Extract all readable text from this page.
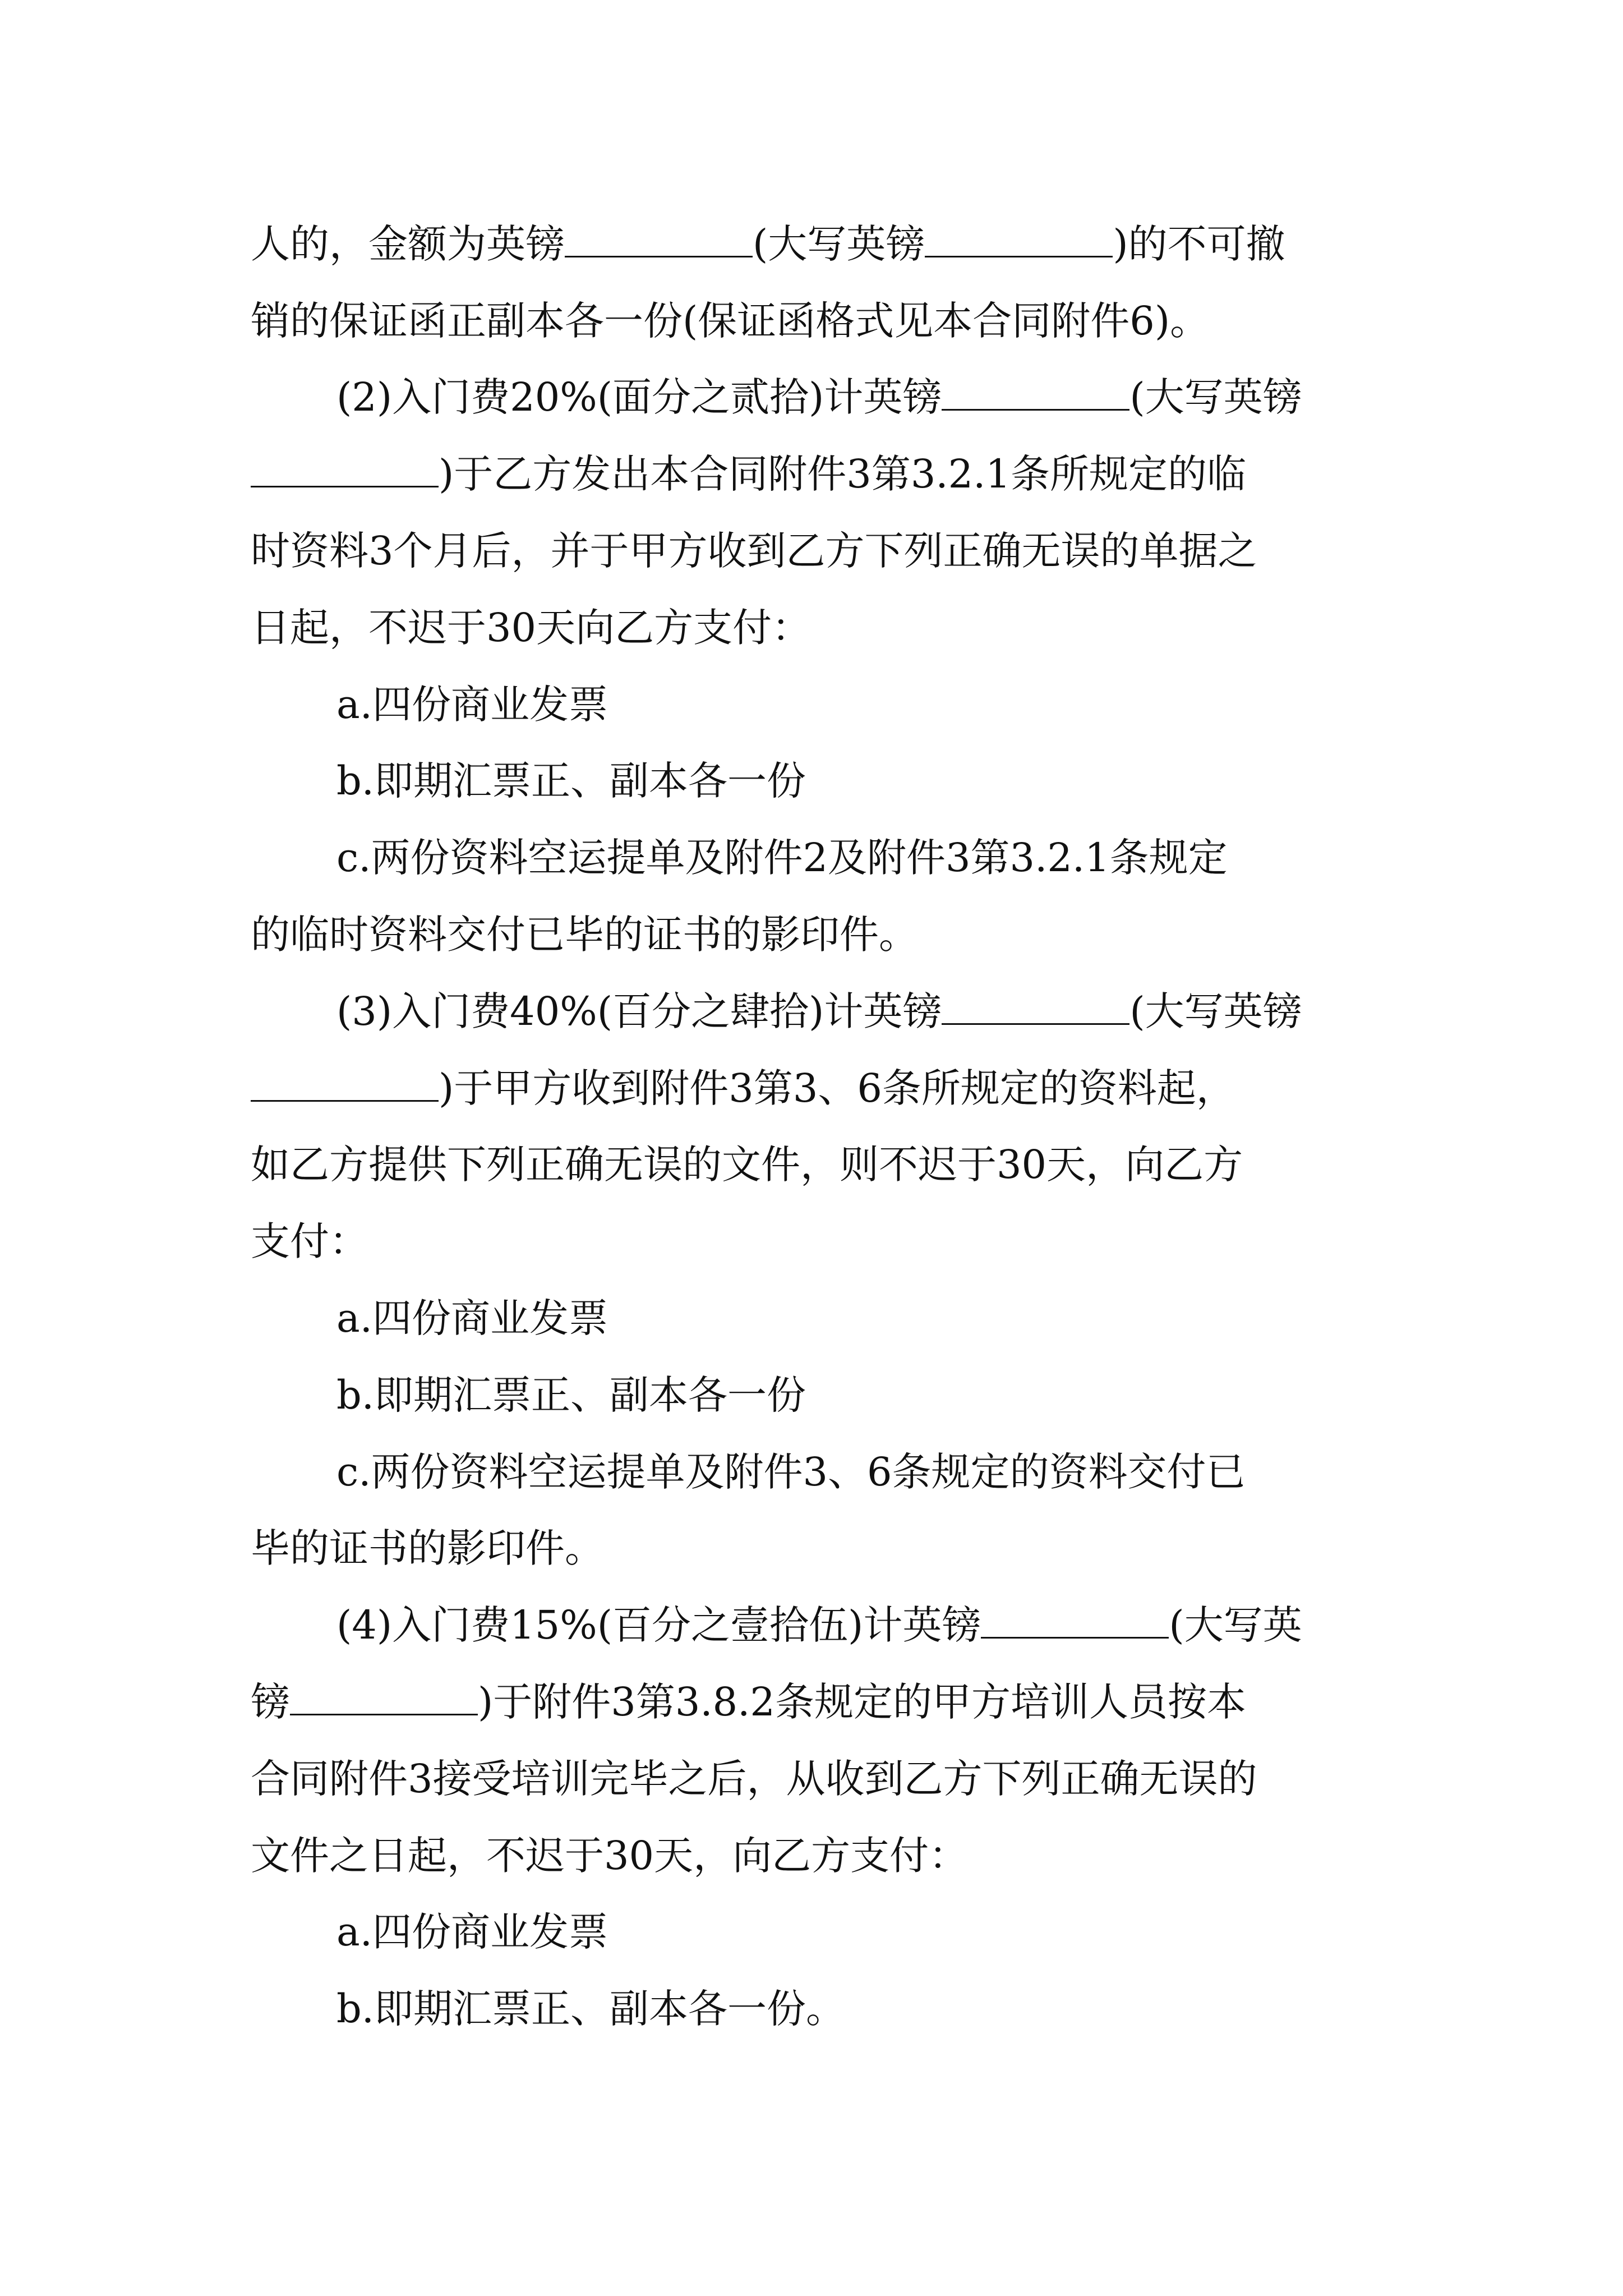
人的，金额为英镑	(大写英镑	)的不可撤
销的保证函正副本各一份(保证函格式见本合同附件6)。
(2)入门费20%(面分之贰拾)计英镑	(大写英镑
)于乙方发出本合同附件3第3.2.1条所规定的临
时资料3个月后，并于甲方收到乙方下列正确无误的单据之
日起，不迟于30天向乙方支付：
a.四份商业发票
b.即期汇票正、副本各一份
c.两份资料空运提单及附件2及附件3第3.2.1条规定
的临时资料交付已毕的证书的影印件。
(3)入门费40%(百分之肆拾)计英镑	(大写英镑
)于甲方收到附件3第3、6条所规定的资料起，
如乙方提供下列正确无误的文件，则不迟于30天，向乙方
支付：
a.四份商业发票
b.即期汇票正、副本各一份
c.两份资料空运提单及附件3、6条规定的资料交付已
毕的证书的影印件。
(4)入门费15%(百分之壹拾伍)计英镑	(大写英
镑	)于附件3第3.8.2条规定的甲方培训人员按本
合同附件3接受培训完毕之后，从收到乙方下列正确无误的
文件之日起，不迟于30天，向乙方支付：
a.四份商业发票
b.即期汇票正、副本各一份。
